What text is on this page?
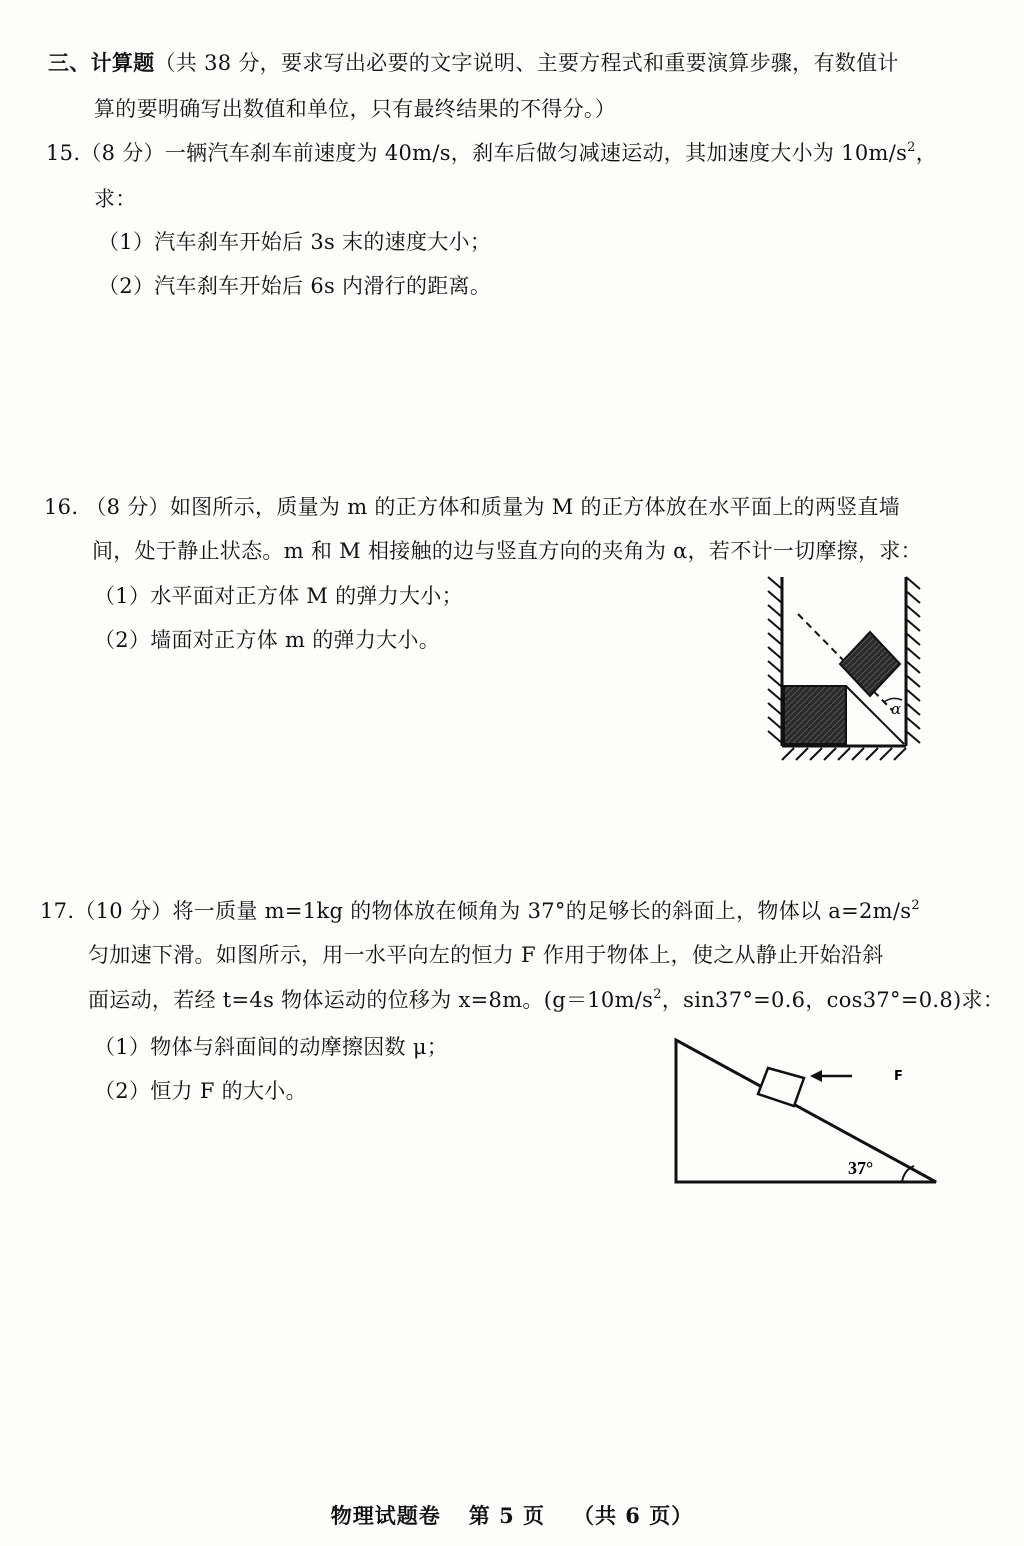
三、计算题（共 38 分，要求写出必要的文字说明、主要方程式和重要演算步骤，有数值计
算的要明确写出数值和单位，只有最终结果的不得分。）
15.（8 分）一辆汽车刹车前速度为 40m/s，刹车后做匀减速运动，其加速度大小为 $10m/s^2$，
求：
（1）汽车刹车开始后 3s 末的速度大小；
（2）汽车刹车开始后 6s 内滑行的距离。
16. （8 分）如图所示，质量为 m 的正方体和质量为 M 的正方体放在水平面上的两竖直墙
间，处于静止状态。m 和 M 相接触的边与竖直方向的夹角为 α，若不计一切摩擦，求：
（1）水平面对正方体 M 的弹力大小；
（2）墙面对正方体 m 的弹力大小。
α
17.（10 分）将一质量 m=1kg 的物体放在倾角为 37°的足够长的斜面上，物体以 $a=2m/s^2$
匀加速下滑。如图所示，用一水平向左的恒力 F 作用于物体上，使之从静止开始沿斜
面运动，若经 t=4s 物体运动的位移为 x=8m。($g=10m/s^2$，sin37°=0.6，cos37°=0.8)求：
（1）物体与斜面间的动摩擦因数 μ；
（2）恒力 F 的大小。
F
37°
物理试题卷 第 5 页 （共 6 页）
